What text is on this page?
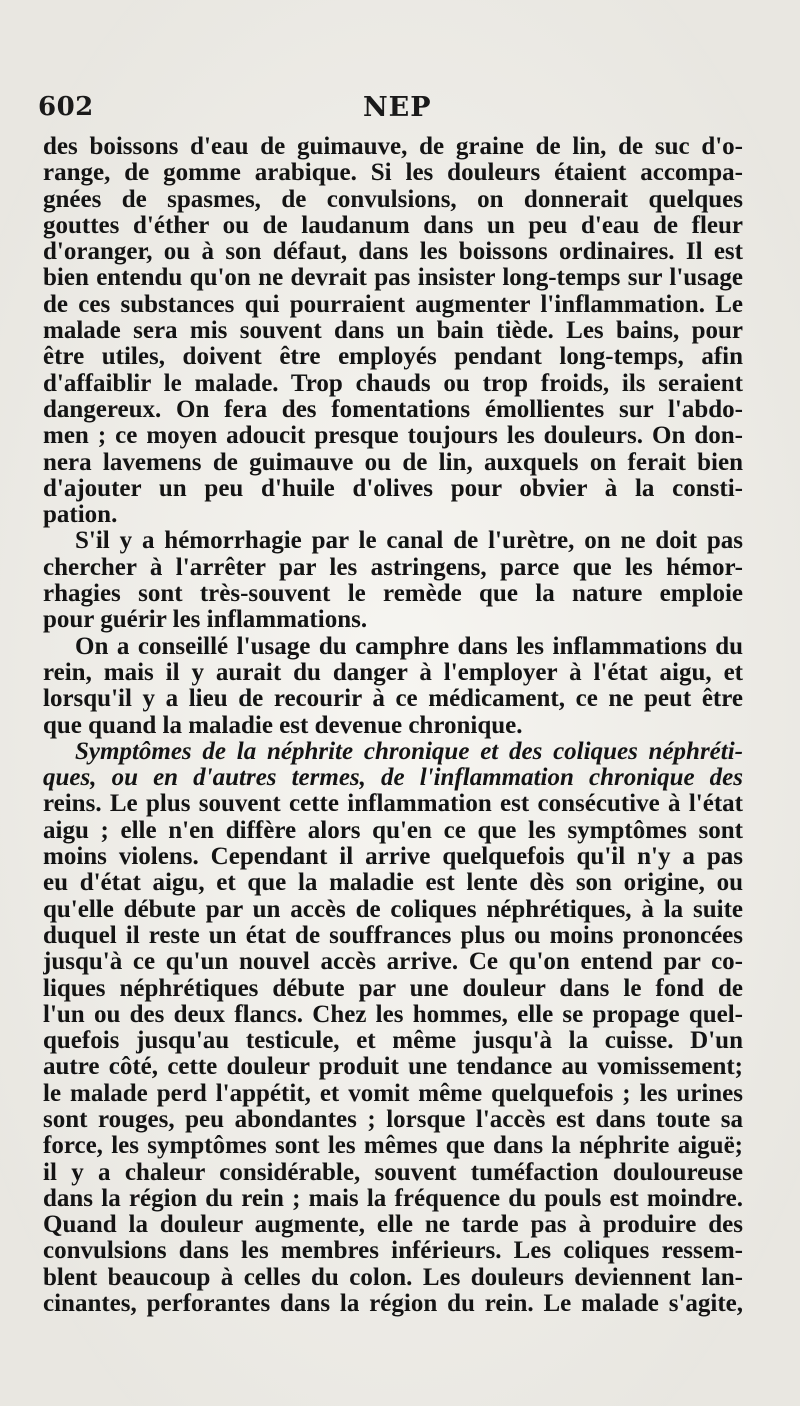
602	NEP
des boissons d'eau de guimauve, de graine de lin, de suc d'o-
range, de gomme arabique. Si les douleurs étaient accompa-
gnées de spasmes, de convulsions, on donnerait quelques
gouttes d'éther ou de laudanum dans un peu d'eau de fleur
d'oranger, ou à son défaut, dans les boissons ordinaires. Il est
bien entendu qu'on ne devrait pas insister long-temps sur l'usage
de ces substances qui pourraient augmenter l'inflammation. Le
malade sera mis souvent dans un bain tiède. Les bains, pour
être utiles, doivent être employés pendant long-temps, afin
d'affaiblir le malade. Trop chauds ou trop froids, ils seraient
dangereux. On fera des fomentations émollientes sur l'abdo-
men ; ce moyen adoucit presque toujours les douleurs. On don-
nera lavemens de guimauve ou de lin, auxquels on ferait bien
d'ajouter un peu d'huile d'olives pour obvier à la consti-
pation.
S'il y a hémorrhagie par le canal de l'urètre, on ne doit pas
chercher à l'arrêter par les astringens, parce que les hémor-
rhagies sont très-souvent le remède que la nature emploie
pour guérir les inflammations.
On a conseillé l'usage du camphre dans les inflammations du
rein, mais il y aurait du danger à l'employer à l'état aigu, et
lorsqu'il y a lieu de recourir à ce médicament, ce ne peut être
que quand la maladie est devenue chronique.
Symptômes de la néphrite chronique et des coliques néphréti-
ques, ou en d'autres termes, de l'inflammation chronique des
reins. Le plus souvent cette inflammation est consécutive à l'état
aigu ; elle n'en diffère alors qu'en ce que les symptômes sont
moins violens. Cependant il arrive quelquefois qu'il n'y a pas
eu d'état aigu, et que la maladie est lente dès son origine, ou
qu'elle débute par un accès de coliques néphrétiques, à la suite
duquel il reste un état de souffrances plus ou moins prononcées
jusqu'à ce qu'un nouvel accès arrive. Ce qu'on entend par co-
liques néphrétiques débute par une douleur dans le fond de
l'un ou des deux flancs. Chez les hommes, elle se propage quel-
quefois jusqu'au testicule, et même jusqu'à la cuisse. D'un
autre côté, cette douleur produit une tendance au vomissement;
le malade perd l'appétit, et vomit même quelquefois ; les urines
sont rouges, peu abondantes ; lorsque l'accès est dans toute sa
force, les symptômes sont les mêmes que dans la néphrite aiguë;
il y a chaleur considérable, souvent tuméfaction douloureuse
dans la région du rein ; mais la fréquence du pouls est moindre.
Quand la douleur augmente, elle ne tarde pas à produire des
convulsions dans les membres inférieurs. Les coliques ressem-
blent beaucoup à celles du colon. Les douleurs deviennent lan-
cinantes, perforantes dans la région du rein. Le malade s'agite,
